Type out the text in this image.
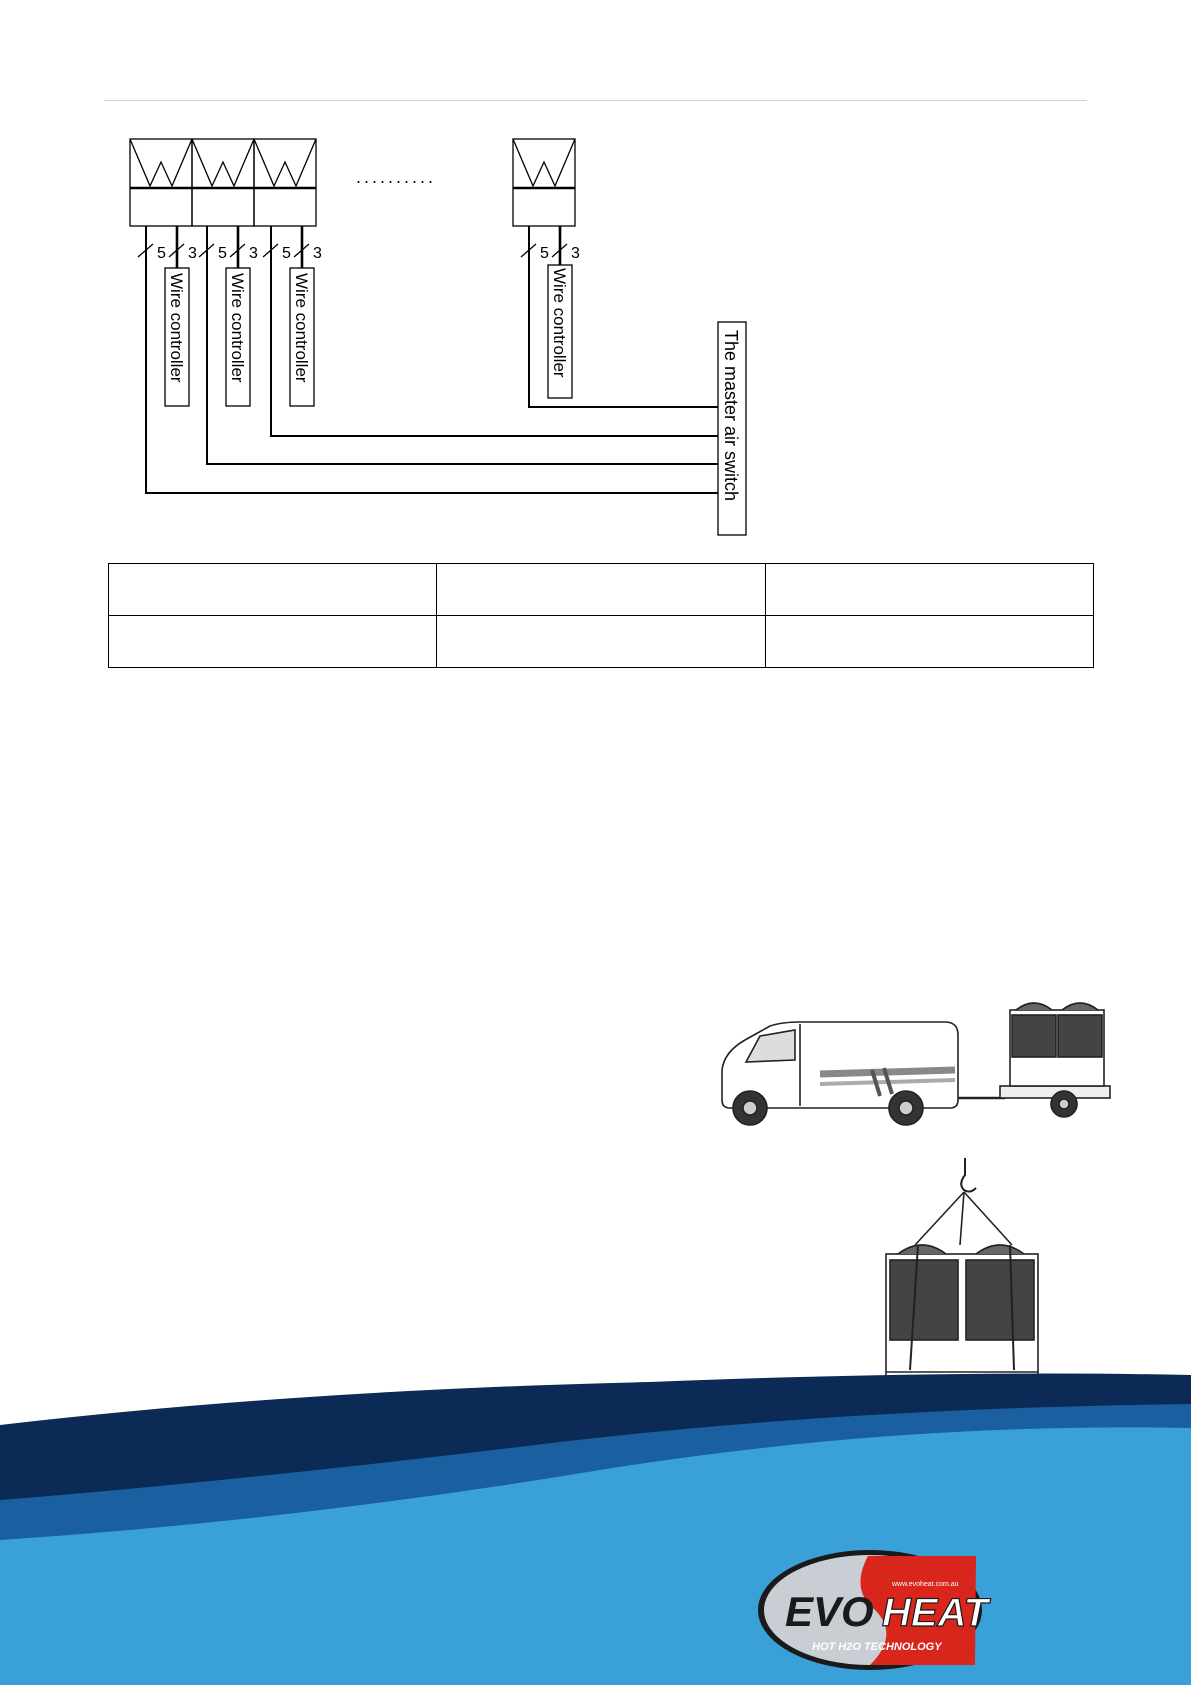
5 3 5 3 5 3	5 3
..........
Wire controller Wire controller	Wire controller	Wire controller
The master air switch

EVO HEAT
HOT H2O TECHNOLOGY
www.evoheat.com.au
